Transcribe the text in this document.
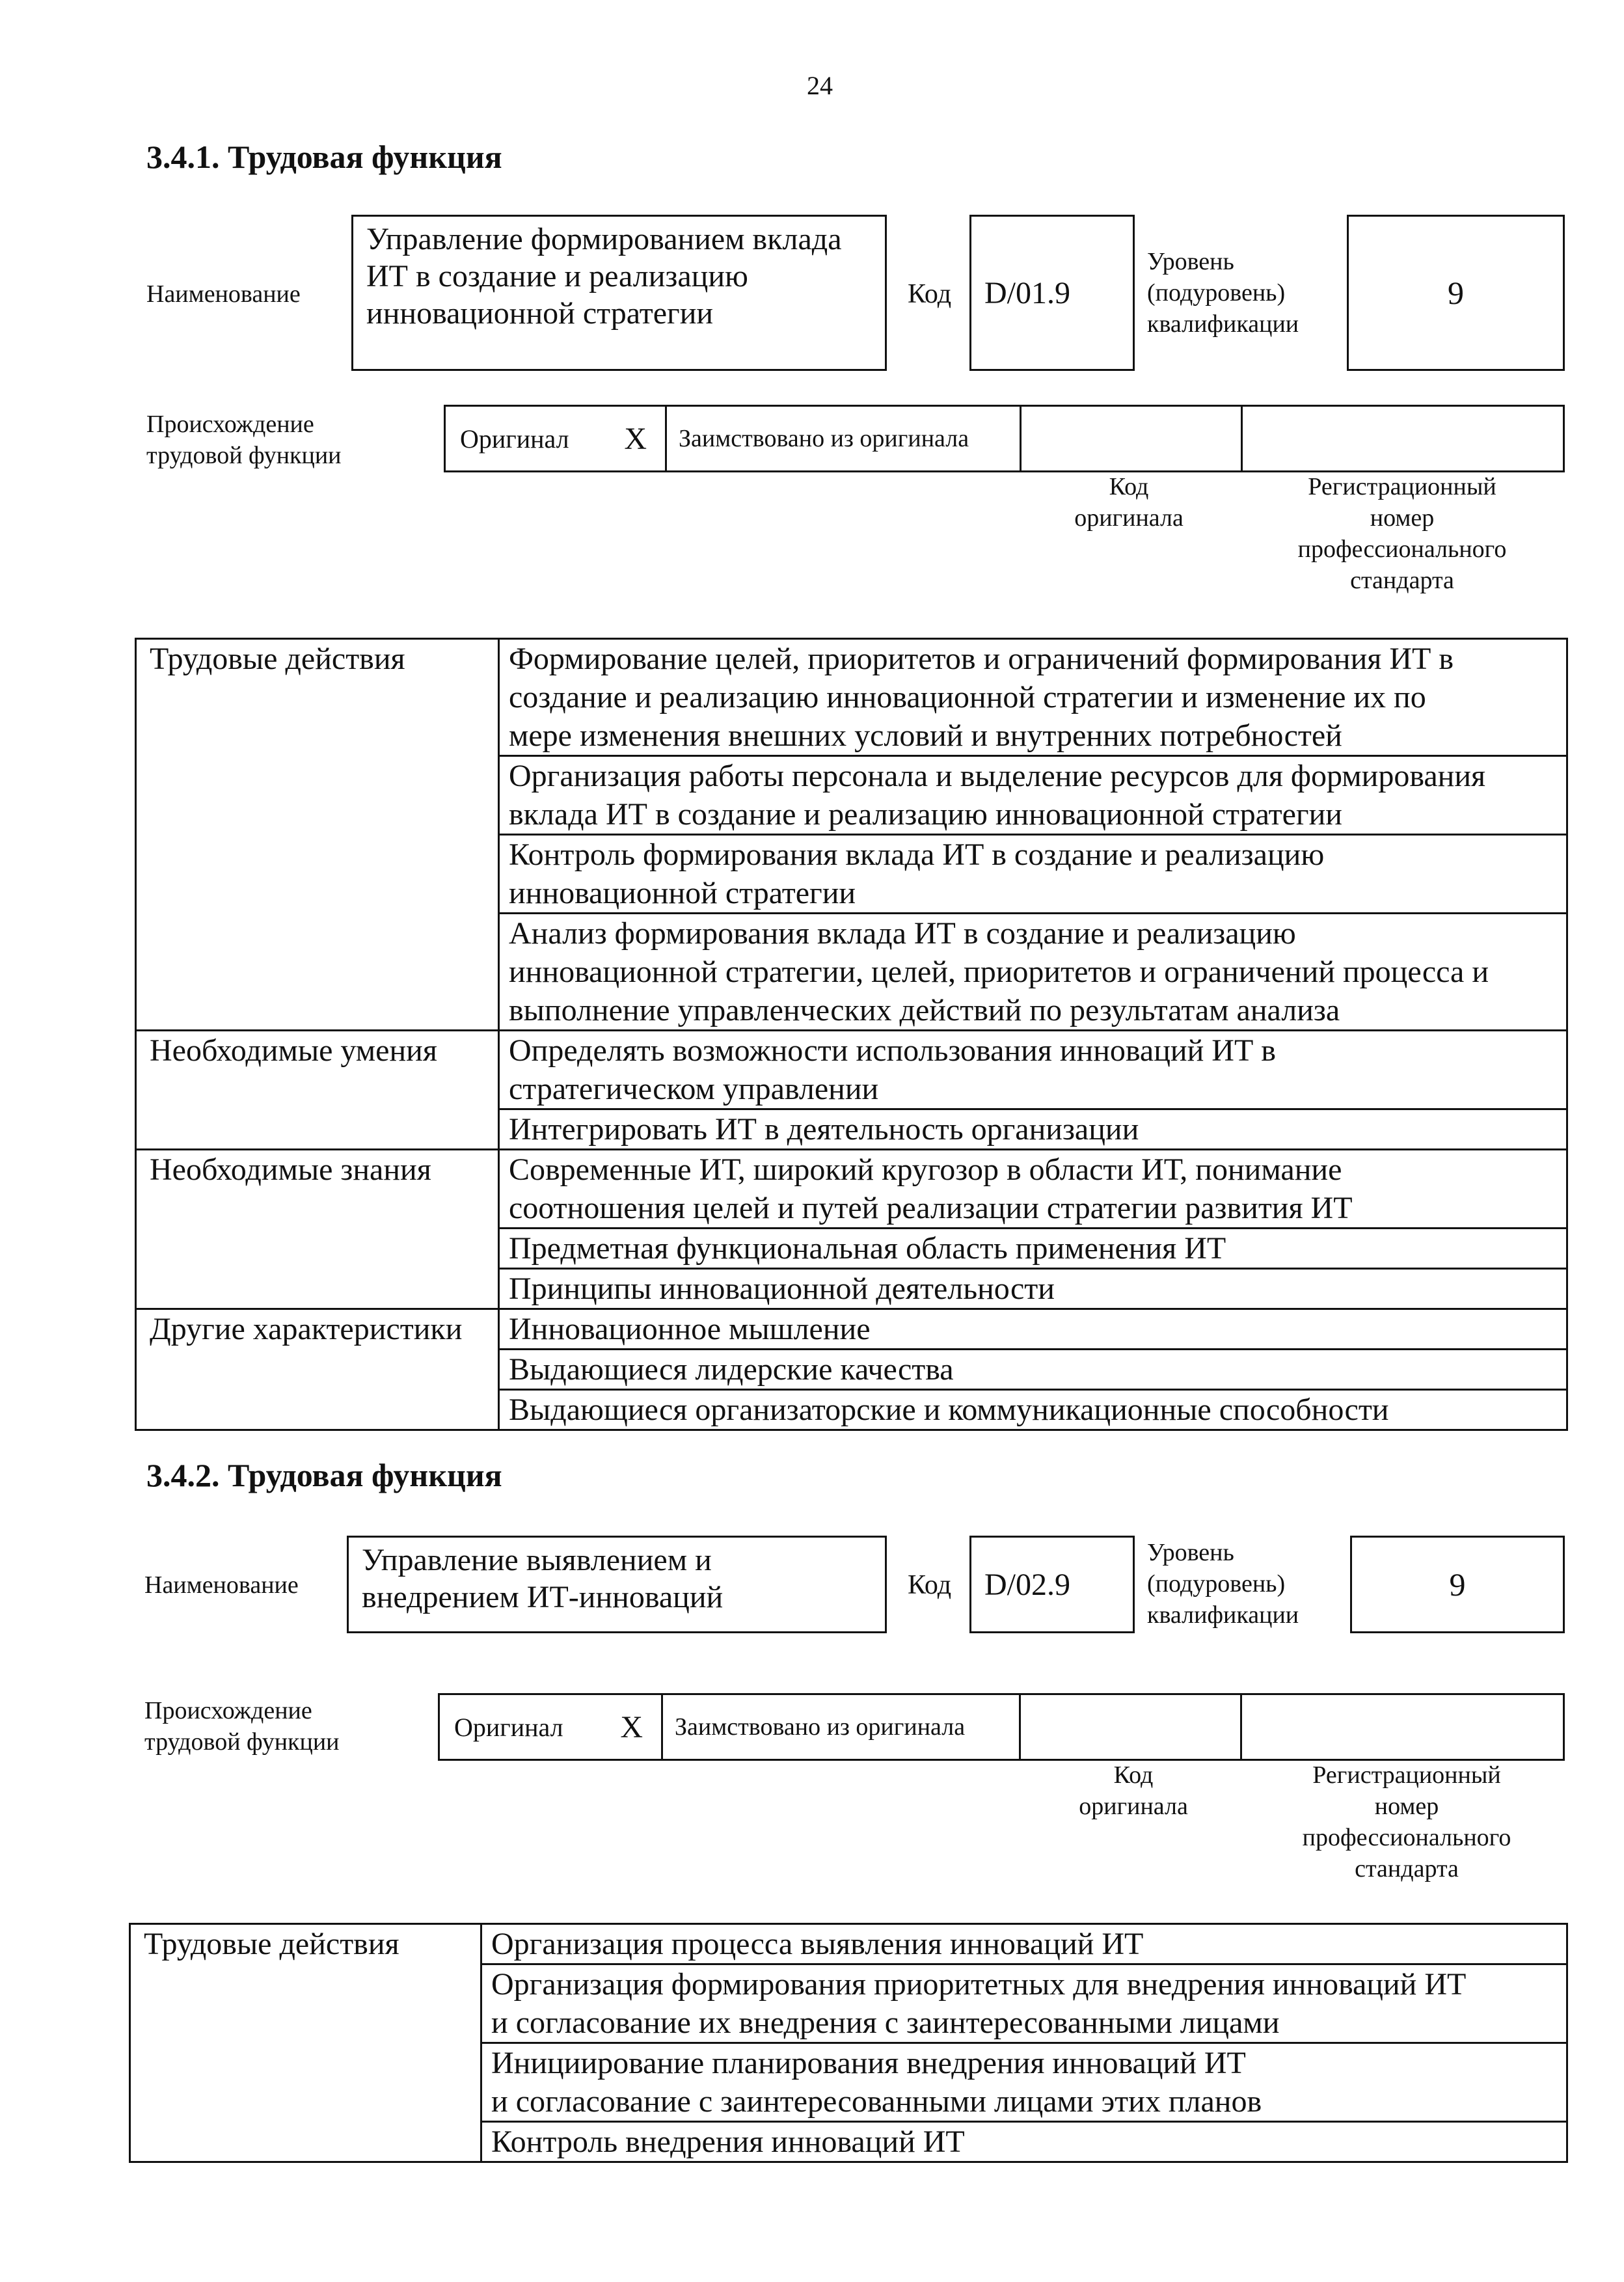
24
3.4.1. Трудовая функция
Наименование
Управление формированием вклада ИТ в создание и реализацию инновационной стратегии
Код D/01.9
Уровень
(подуровень)
квалификации
9
Происхождение
трудовой функции
Оригинал X Заимствовано из оригинала
Код
оригинала
Регистрационный
номер
профессионального
стандарта
Трудовые действия	Формирование целей, приоритетов и ограничений формирования ИТ в
создание и реализацию инновационной стратегии и изменение их по
мере изменения внешних условий и внутренних потребностей

	Организация работы персонала и выделение ресурсов для формирования
вклада ИТ в создание и реализацию инновационной стратегии

	Контроль формирования вклада ИТ в создание и реализацию
инновационной стратегии

	Анализ формирования вклада ИТ в создание и реализацию
инновационной стратегии, целей, приоритетов и ограничений процесса и
выполнение управленческих действий по результатам анализа

Необходимые умения	Определять возможности использования инноваций ИТ в
стратегическом управлении

	Интегрировать ИТ в деятельность организации

Необходимые знания	Современные ИТ, широкий кругозор в области ИТ, понимание
соотношения целей и путей реализации стратегии развития ИТ

	Предметная функциональная область применения ИТ

	Принципы инновационной деятельности

Другие характеристики	Инновационное мышление

	Выдающиеся лидерские качества

	Выдающиеся организаторские и коммуникационные способности
3.4.2. Трудовая функция
Наименование
Управление выявлением и внедрением ИТ-инноваций	Код D/02.9
Уровень
(подуровень)
квалификации
9
Происхождение
трудовой функции
Оригинал X Заимствовано из оригинала
Код
оригинала
Регистрационный
номер
профессионального
стандарта
Трудовые действия	Организация процесса выявления инноваций ИТ

Организация формирования приоритетных для внедрения инноваций ИТ
и согласование их внедрения с заинтересованными лицами

Инициирование планирования внедрения инноваций ИТ
и согласование с заинтересованными лицами этих планов

Контроль внедрения инноваций ИТ
